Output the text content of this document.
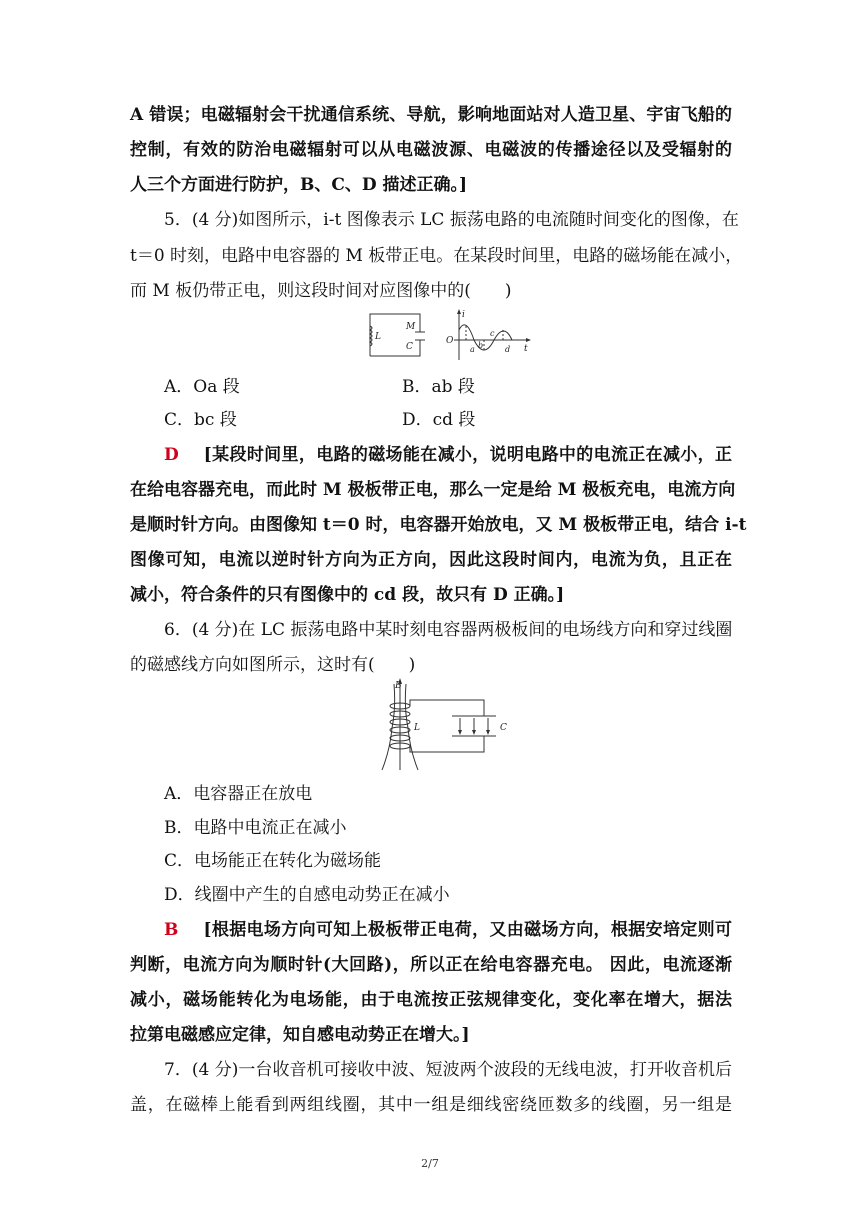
A 错误；电磁辐射会干扰通信系统、导航，影响地面站对人造卫星、宇宙飞船的
控制，有效的防治电磁辐射可以从电磁波源、电磁波的传播途径以及受辐射的
人三个方面进行防护，B、C、D 描述正确。]
5．(4 分)如图所示，i-t 图像表示 LC 振荡电路的电流随时间变化的图像，在
t＝0 时刻，电路中电容器的 M 板带正电。在某段时间里，电路的磁场能在减小，
而 M 板仍带正电，则这段时间对应图像中的(　　)
L
M
C
O
i
t
a b
c
d
A．Oa 段	B．ab 段
C．bc 段	D．cd 段
D [某段时间里，电路的磁场能在减小，说明电路中的电流正在减小，正
在给电容器充电，而此时 M 极板带正电，那么一定是给 M 极板充电，电流方向
是顺时针方向。由图像知 t＝0 时，电容器开始放电，又 M 极板带正电，结合 i-t
图像可知，电流以逆时针方向为正方向，因此这段时间内，电流为负，且正在
减小，符合条件的只有图像中的 cd 段，故只有 D 正确。]
6．(4 分)在 LC 振荡电路中某时刻电容器两极板间的电场线方向和穿过线圈
的磁感线方向如图所示，这时有(　　)
B
L	C
A．电容器正在放电
B．电路中电流正在减小
C．电场能正在转化为磁场能
D．线圈中产生的自感电动势正在减小
B [根据电场方向可知上极板带正电荷，又由磁场方向，根据安培定则可
判断，电流方向为顺时针(大回路)，所以正在给电容器充电。 因此，电流逐渐
减小，磁场能转化为电场能，由于电流按正弦规律变化，变化率在增大，据法
拉第电磁感应定律，知自感电动势正在增大。]
7．(4 分)一台收音机可接收中波、短波两个波段的无线电波，打开收音机后
盖，在磁棒上能看到两组线圈，其中一组是细线密绕匝数多的线圈，另一组是
2/7
